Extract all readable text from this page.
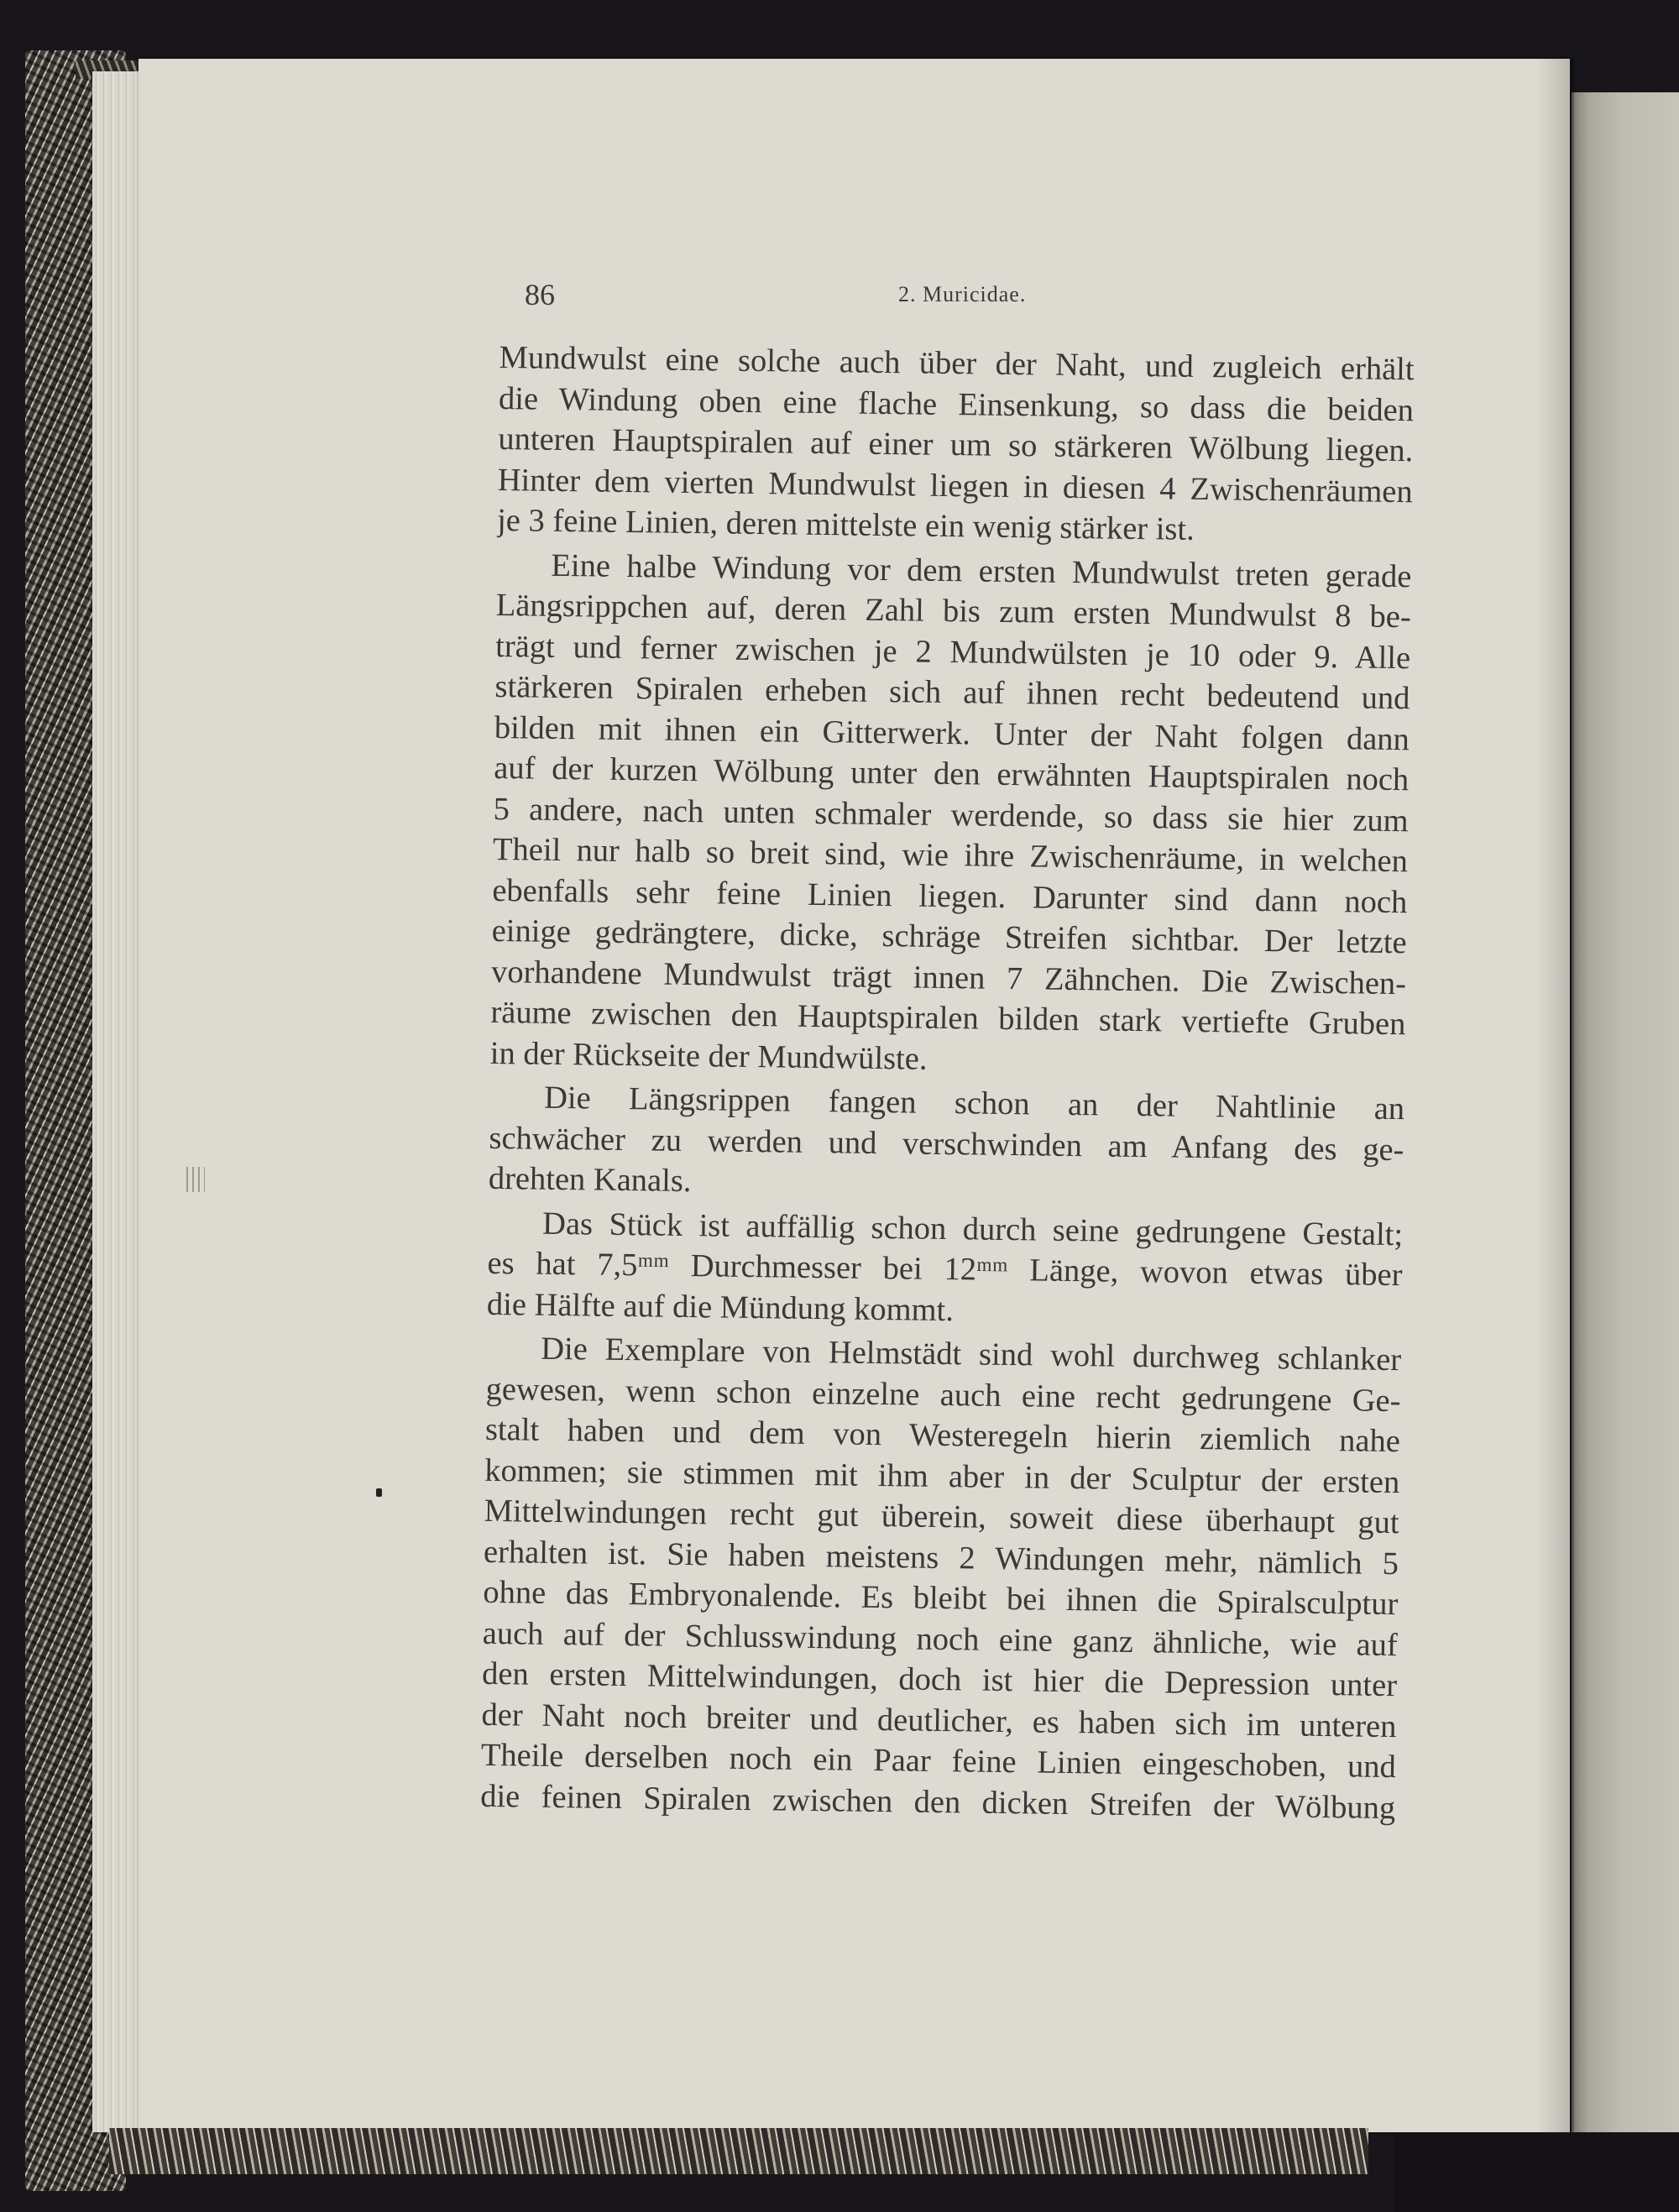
86	2. Muricidae.
Mundwulst eine solche auch über der Naht, und zugleich erhält
die Windung oben eine flache Einsenkung, so dass die beiden
unteren Hauptspiralen auf einer um so stärkeren Wölbung liegen.
Hinter dem vierten Mundwulst liegen in diesen 4 Zwischenräumen
je 3 feine Linien, deren mittelste ein wenig stärker ist.
Eine halbe Windung vor dem ersten Mundwulst treten gerade
Längsrippchen auf, deren Zahl bis zum ersten Mundwulst 8 be-
trägt und ferner zwischen je 2 Mundwülsten je 10 oder 9. Alle
stärkeren Spiralen erheben sich auf ihnen recht bedeutend und
bilden mit ihnen ein Gitterwerk. Unter der Naht folgen dann
auf der kurzen Wölbung unter den erwähnten Hauptspiralen noch
5 andere, nach unten schmaler werdende, so dass sie hier zum
Theil nur halb so breit sind, wie ihre Zwischenräume, in welchen
ebenfalls sehr feine Linien liegen. Darunter sind dann noch
einige gedrängtere, dicke, schräge Streifen sichtbar. Der letzte
vorhandene Mundwulst trägt innen 7 Zähnchen. Die Zwischen-
räume zwischen den Hauptspiralen bilden stark vertiefte Gruben
in der Rückseite der Mundwülste.
Die Längsrippen fangen schon an der Nahtlinie an
schwächer zu werden und verschwinden am Anfang des ge-
drehten Kanals.
Das Stück ist auffällig schon durch seine gedrungene Gestalt;
es hat 7,5ᵐᵐ Durchmesser bei 12ᵐᵐ Länge, wovon etwas über
die Hälfte auf die Mündung kommt.
Die Exemplare von Helmstädt sind wohl durchweg schlanker
gewesen, wenn schon einzelne auch eine recht gedrungene Ge-
stalt haben und dem von Westeregeln hierin ziemlich nahe
kommen; sie stimmen mit ihm aber in der Sculptur der ersten
Mittelwindungen recht gut überein, soweit diese überhaupt gut
erhalten ist. Sie haben meistens 2 Windungen mehr, nämlich 5
ohne das Embryonalende. Es bleibt bei ihnen die Spiralsculptur
auch auf der Schlusswindung noch eine ganz ähnliche, wie auf
den ersten Mittelwindungen, doch ist hier die Depression unter
der Naht noch breiter und deutlicher, es haben sich im unteren
Theile derselben noch ein Paar feine Linien eingeschoben, und
die feinen Spiralen zwischen den dicken Streifen der Wölbung
